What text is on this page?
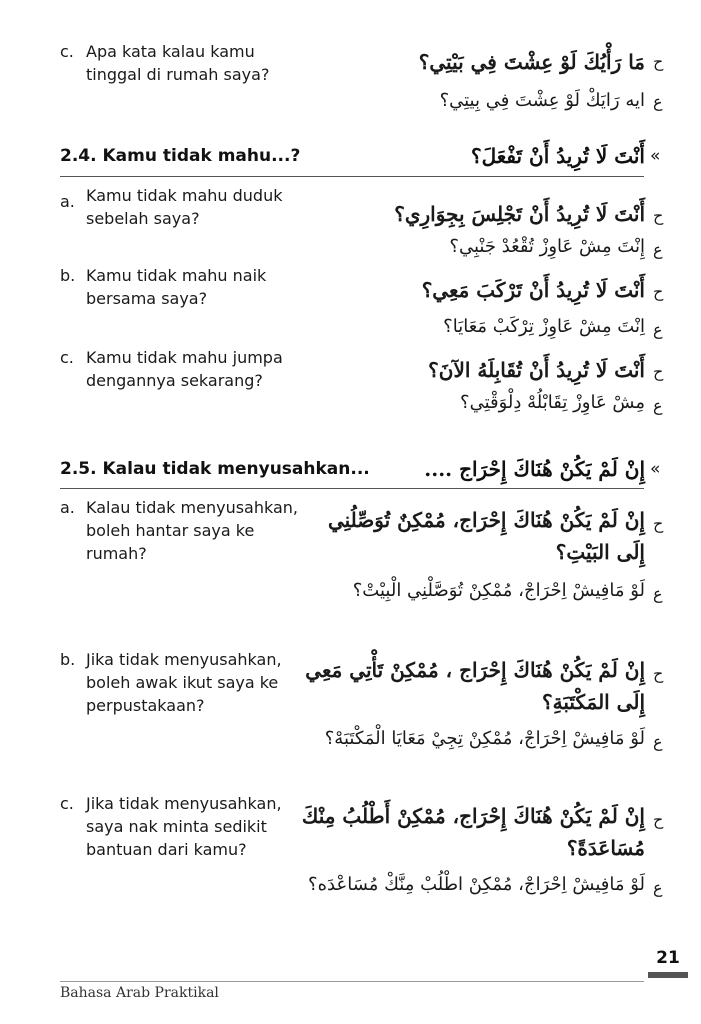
c. Apa kata kalau kamu tinggal di rumah saya?
ح
مَا رَأْيُكَ لَوْ عِشْتَ فِي بَيْتِي؟
ع
ايه رَايَكْ لَوْ عِشْتَ فِي بِيتِي؟
2.4. Kamu tidak mahu...?	أَنْتَ لَا تُرِيدُ أَنْ تَفْعَلَ؟ «
a. Kamu tidak mahu duduk sebelah saya?	ح
أَنْتَ لَا تُرِيدُ أَنْ تَجْلِسَ بِجِوَارِي؟
ع
إِنْتَ مِشْ عَاوِزْ تُقْعُدْ جَنْبِي؟
b. Kamu tidak mahu naik bersama saya?	ح
أَنْتَ لَا تُرِيدُ أَنْ تَرْكَبَ مَعِي؟
ع
اِنْتَ مِشْ عَاوِزْ تِرْكَبْ مَعَايَا؟
c. Kamu tidak mahu jumpa dengannya sekarang?	ح
أَنْتَ لَا تُرِيدُ أَنْ تُقَابِلَهُ الآنَ؟
ع
مِشْ عَاوِزْ تِقَابْلُهْ دِلْوَقْتِي؟
2.5. Kalau tidak menyusahkan...	إِنْ لَمْ يَكُنْ هُنَاكَ إِحْرَاج .... «
a. Kalau tidak menyusahkan, boleh hantar saya ke rumah?
ح
إِنْ لَمْ يَكُنْ هُنَاكَ إِحْرَاج، مُمْكِنٌ تُوَصِّلُنِي إِلَى البَيْتِ؟
ع
لَوْ مَافِيشْ اِحْرَاجْ، مُمْكِنْ تُوَصَّلْنِي الْبِيْتْ؟
b. Jika tidak menyusahkan, boleh awak ikut saya ke perpustakaan?
ح
إِنْ لَمْ يَكُنْ هُنَاكَ إِحْرَاج ، مُمْكِنْ تَأْتِي مَعِي إِلَى المَكْتَبَةِ؟
ع
لَوْ مَافِيشْ اِحْرَاجْ، مُمْكِنْ تِجِيْ مَعَايَا الْمَكْتَبَهْ؟
c. Jika tidak menyusahkan, saya nak minta sedikit bantuan dari kamu?
ح
إِنْ لَمْ يَكُنْ هُنَاكَ إِحْرَاج، مُمْكِنْ أَطْلُبُ مِنْكَ مُسَاعَدَةً؟
ع
لَوْ مَافِيشْ اِحْرَاجْ، مُمْكِنْ اطْلُبْ مِنَّكْ مُسَاعْدَه؟
21
Bahasa Arab Praktikal
